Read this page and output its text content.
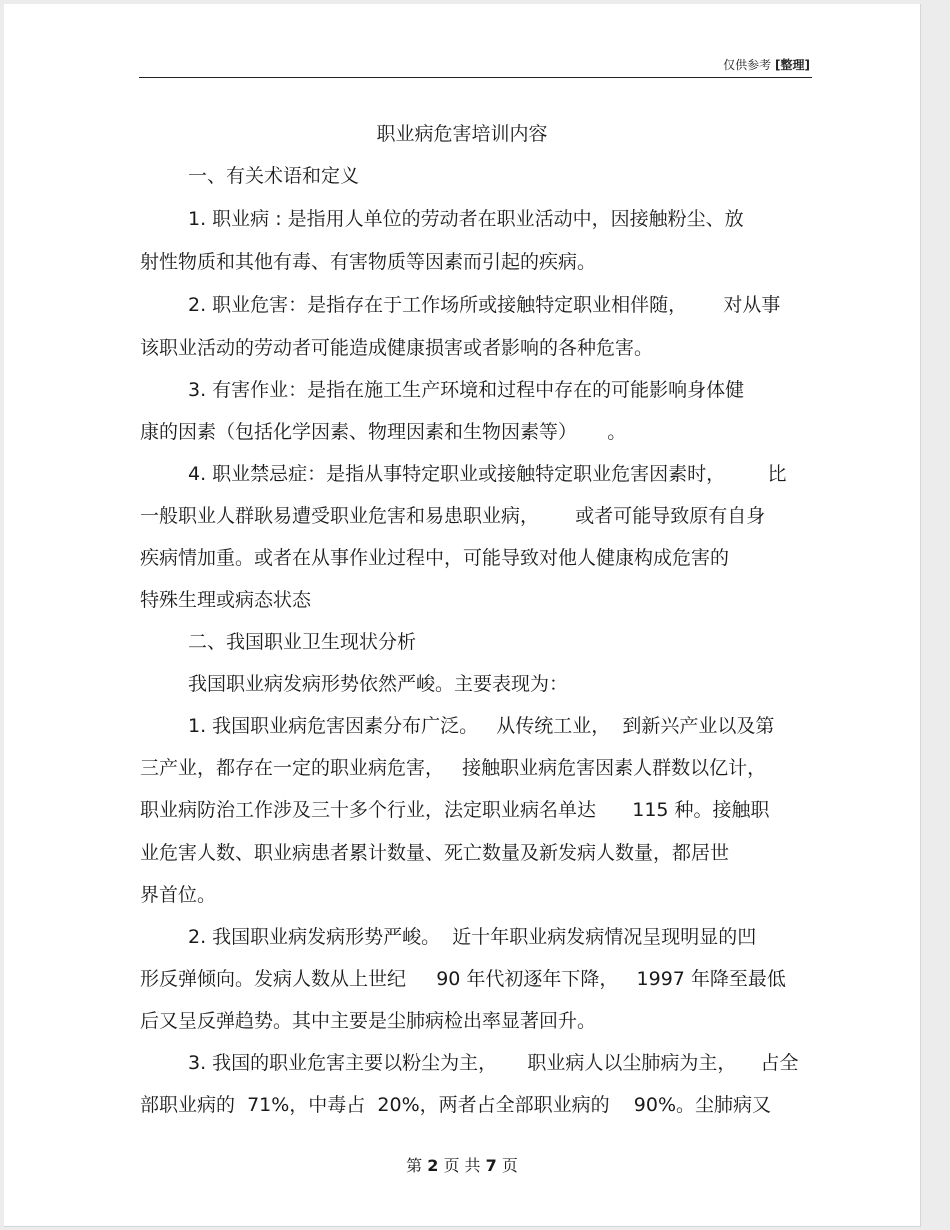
仅供参考 [整理]
职业病危害培训内容
一、有关术语和定义
1. 职业病 : 是指用人单位的劳动者在职业活动中，因接触粉尘、放
射性物质和其他有毒、有害物质等因素而引起的疾病。
2. 职业危害：是指存在于工作场所或接触特定职业相伴随，      对从事
该职业活动的劳动者可能造成健康损害或者影响的各种危害。
3. 有害作业：是指在施工生产环境和过程中存在的可能影响身体健
康的因素（包括化学因素、物理因素和生物因素等）     。
4. 职业禁忌症：是指从事特定职业或接触特定职业危害因素时，       比
一般职业人群耿易遭受职业危害和易患职业病，      或者可能导致原有自身
疾病情加重。或者在从事作业过程中，可能导致对他人健康构成危害的
特殊生理或病态状态
二、我国职业卫生现状分析
我国职业病发病形势依然严峻。主要表现为：
1. 我国职业病危害因素分布广泛。   从传统工业，  到新兴产业以及第
三产业，都存在一定的职业病危害，   接触职业病危害因素人群数以亿计，
职业病防治工作涉及三十多个行业，法定职业病名单达      115 种。接触职
业危害人数、职业病患者累计数量、死亡数量及新发病人数量，都居世
界首位。
2. 我国职业病发病形势严峻。  近十年职业病发病情况呈现明显的凹
形反弹倾向。发病人数从上世纪     90 年代初逐年下降，   1997 年降至最低
后又呈反弹趋势。其中主要是尘肺病检出率显著回升。
3. 我国的职业危害主要以粉尘为主，     职业病人以尘肺病为主，    占全
部职业病的  71%，中毒占  20%，两者占全部职业病的    90%。尘肺病又
第 2 页 共 7 页
